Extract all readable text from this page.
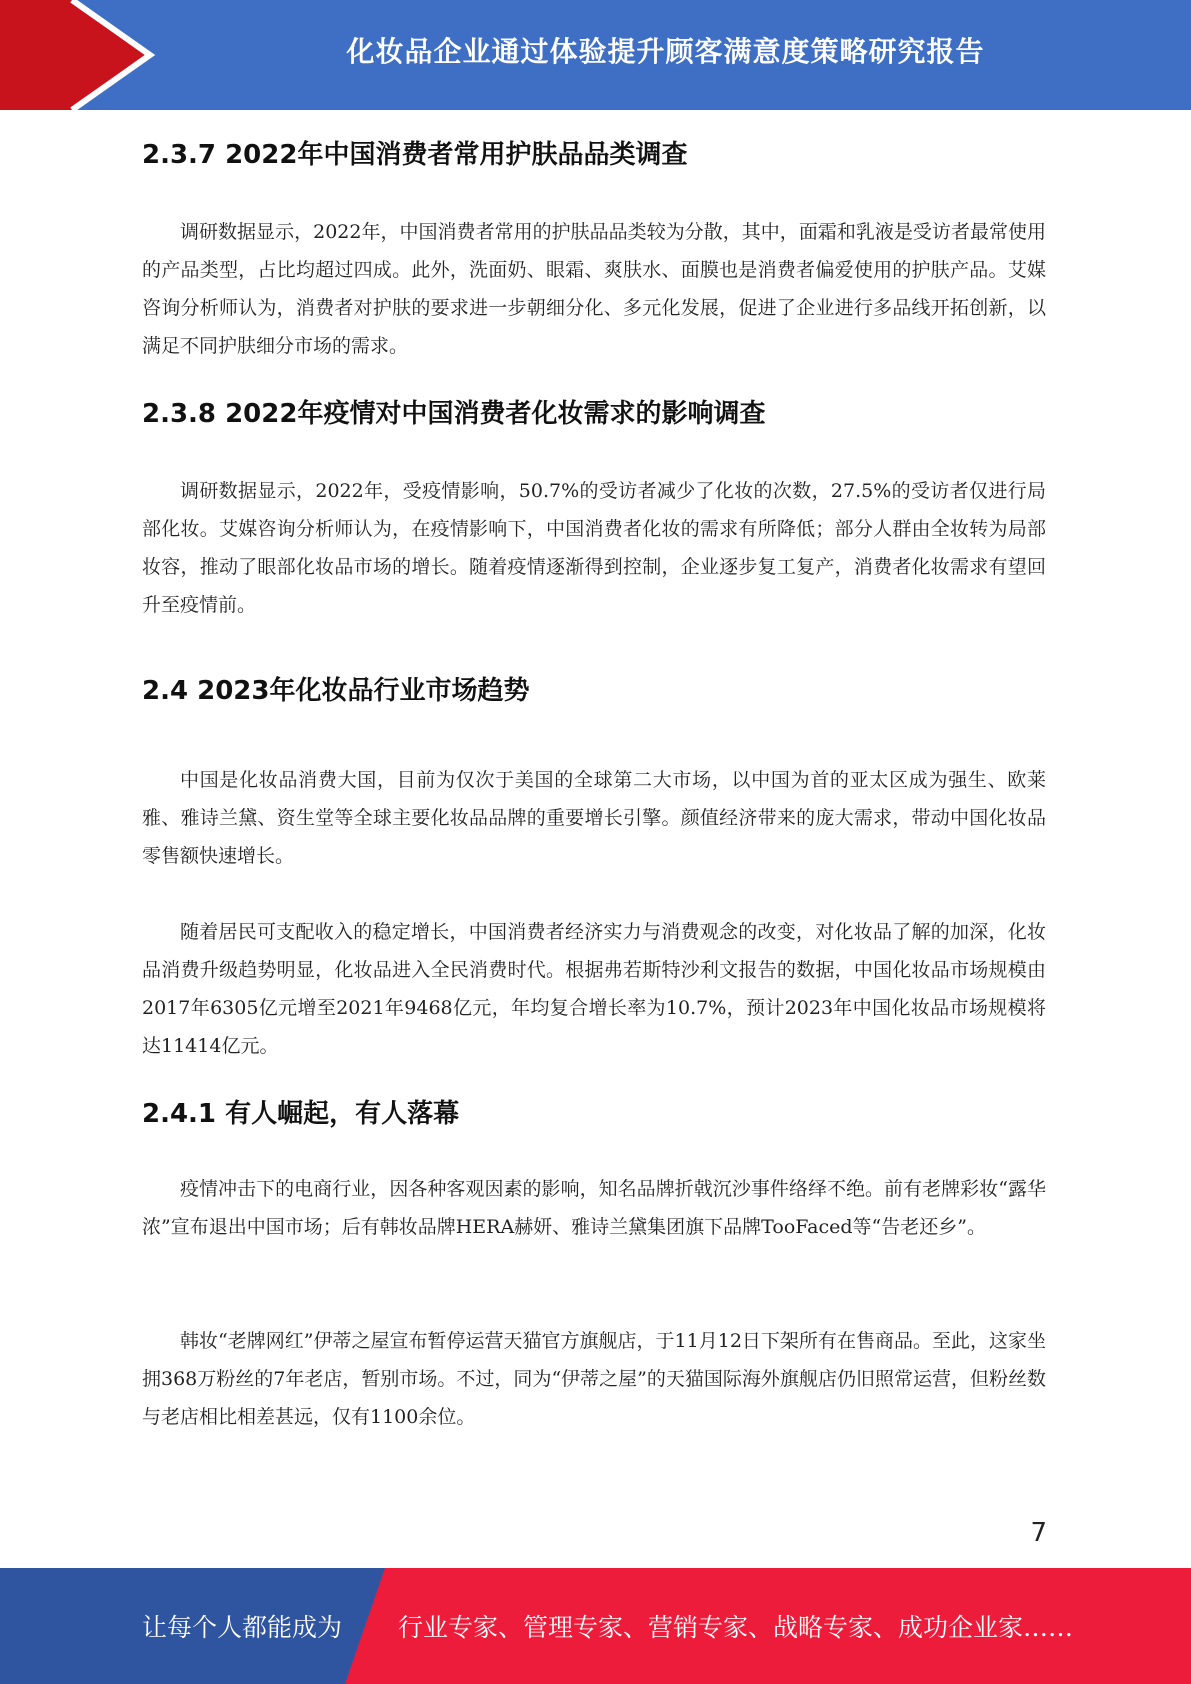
化妆品企业通过体验提升顾客满意度策略研究报告
2.3.7 2022年中国消费者常用护肤品品类调查

调研数据显示，2022年，中国消费者常用的护肤品品类较为分散，其中，面霜和乳液是受访者最常使用的产品类型，占比均超过四成。此外，洗面奶、眼霜、爽肤水、面膜也是消费者偏爱使用的护肤产品。艾媒咨询分析师认为，消费者对护肤的要求进一步朝细分化、多元化发展，促进了企业进行多品线开拓创新，以满足不同护肤细分市场的需求。

2.3.8 2022年疫情对中国消费者化妆需求的影响调查

调研数据显示，2022年，受疫情影响，50.7%的受访者减少了化妆的次数，27.5%的受访者仅进行局部化妆。艾媒咨询分析师认为，在疫情影响下，中国消费者化妆的需求有所降低；部分人群由全妆转为局部妆容，推动了眼部化妆品市场的增长。随着疫情逐渐得到控制，企业逐步复工复产，消费者化妆需求有望回升至疫情前。

2.4 2023年化妆品行业市场趋势

中国是化妆品消费大国，目前为仅次于美国的全球第二大市场，以中国为首的亚太区成为强生、欧莱雅、雅诗兰黛、资生堂等全球主要化妆品品牌的重要增长引擎。颜值经济带来的庞大需求，带动中国化妆品零售额快速增长。

随着居民可支配收入的稳定增长，中国消费者经济实力与消费观念的改变，对化妆品了解的加深，化妆品消费升级趋势明显，化妆品进入全民消费时代。根据弗若斯特沙利文报告的数据，中国化妆品市场规模由2017年6305亿元增至2021年9468亿元，年均复合增长率为10.7%，预计2023年中国化妆品市场规模将达11414亿元。

2.4.1 有人崛起，有人落幕

疫情冲击下的电商行业，因各种客观因素的影响，知名品牌折戟沉沙事件络绎不绝。前有老牌彩妆“露华浓”宣布退出中国市场；后有韩妆品牌HERA赫妍、雅诗兰黛集团旗下品牌TooFaced等“告老还乡”。

韩妆“老牌网红”伊蒂之屋宣布暂停运营天猫官方旗舰店，于11月12日下架所有在售商品。至此，这家坐拥368万粉丝的7年老店，暂别市场。不过，同为“伊蒂之屋”的天猫国际海外旗舰店仍旧照常运营，但粉丝数与老店相比相差甚远，仅有1100余位。

7
让每个人都能成为 行业专家、管理专家、营销专家、战略专家、成功企业家……
